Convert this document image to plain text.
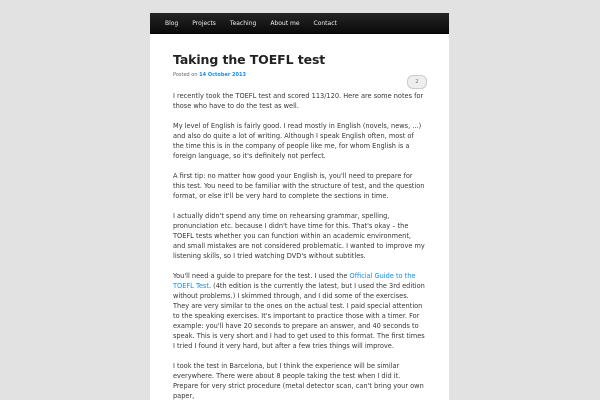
Blog Projects Teaching About me Contact
Taking the TOEFL test
Posted on 14 October 2013
2

I recently took the TOEFL test and scored 113/120. Here are some notes for those who have to do the test as well.

My level of English is fairly good. I read mostly in English (novels, news, ...) and also do quite a lot of writing. Although I speak English often, most of the time this is in the company of people like me, for whom English is a foreign language, so it's definitely not perfect.

A first tip: no matter how good your English is, you'll need to prepare for this test. You need to be familiar with the structure of test, and the question format, or else it'll be very hard to complete the sections in time.

I actually didn't spend any time on rehearsing grammar, spelling, pronunciation etc. because I didn't have time for this. That's okay – the TOEFL tests whether you can function within an academic environment, and small mistakes are not considered problematic. I wanted to improve my listening skills, so I tried watching DVD's without subtitles.

You'll need a guide to prepare for the test. I used the Official Guide to the TOEFL Test. (4th edition is the currently the latest, but I used the 3rd edition without problems.) I skimmed through, and I did some of the exercises. They are very similar to the ones on the actual test. I paid special attention to the speaking exercises. It's important to practice those with a timer. For example: you'll have 20 seconds to prepare an answer, and 40 seconds to speak. This is very short and I had to get used to this format. The first times I tried I found it very hard, but after a few tries things will improve.

I took the test in Barcelona, but I think the experience will be similar everywhere. There were about 8 people taking the test when I did it. Prepare for very strict procedure (metal detector scan, can't bring your own paper,
